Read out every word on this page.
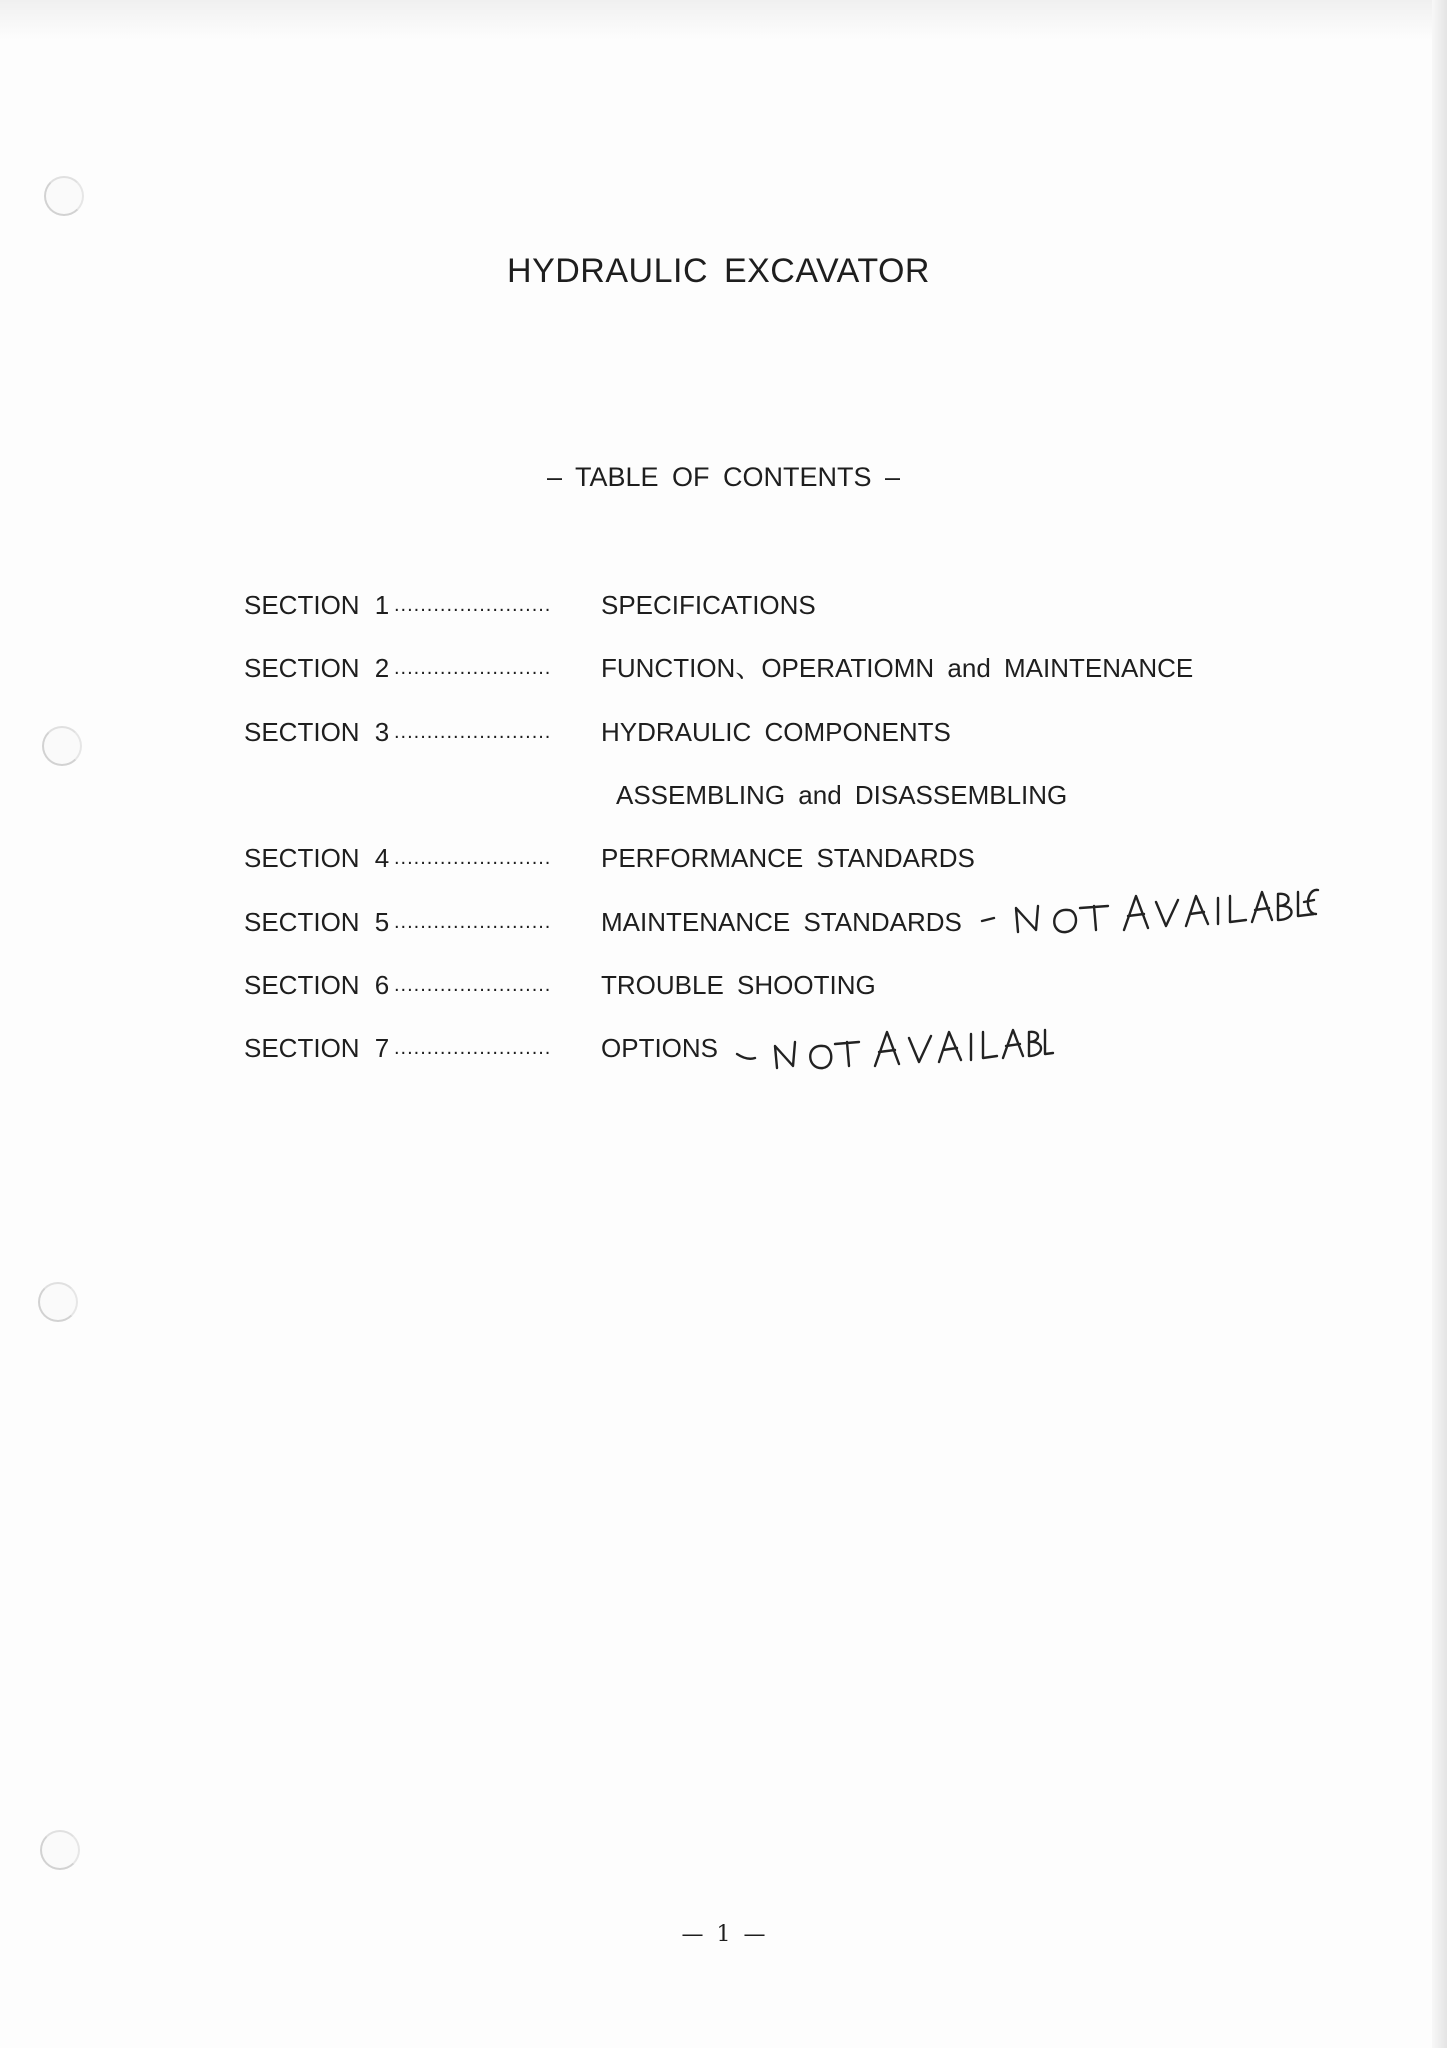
HYDRAULIC EXCAVATOR
– TABLE OF CONTENTS –
SECTION 1 ........................	SPECIFICATIONS
SECTION 2 ........................	FUNCTION、OPERATIOMN and MAINTENANCE
SECTION 3 ........................	HYDRAULIC COMPONENTS
ASSEMBLING and DISASSEMBLING
SECTION 4 ........................	PERFORMANCE STANDARDS
SECTION 5 ........................	MAINTENANCE STANDARDS
SECTION 6 ........................	TROUBLE SHOOTING
SECTION 7 ........................	OPTIONS
— 1 —
